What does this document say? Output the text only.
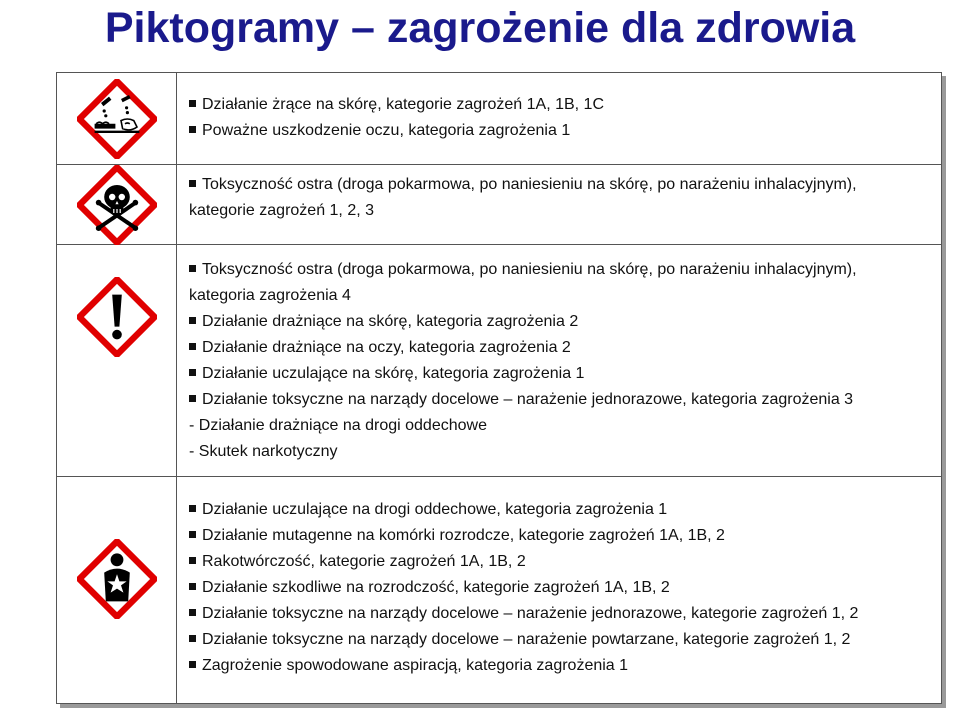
Piktogramy – zagrożenie dla zdrowia
Działanie żrące na skórę, kategorie zagrożeń 1A, 1B, 1C
Poważne uszkodzenie oczu, kategoria zagrożenia 1
Toksyczność ostra (droga pokarmowa, po naniesieniu na skórę, po narażeniu inhalacyjnym),
kategorie zagrożeń 1, 2, 3
Toksyczność ostra (droga pokarmowa, po naniesieniu na skórę, po narażeniu inhalacyjnym),
kategoria zagrożenia 4
Działanie drażniące na skórę, kategoria zagrożenia 2
Działanie drażniące na oczy, kategoria zagrożenia 2
Działanie uczulające na skórę, kategoria zagrożenia 1
Działanie toksyczne na narządy docelowe – narażenie jednorazowe, kategoria zagrożenia 3
- Działanie drażniące na drogi oddechowe
- Skutek narkotyczny
Działanie uczulające na drogi oddechowe, kategoria zagrożenia 1
Działanie mutagenne na komórki rozrodcze, kategorie zagrożeń 1A, 1B, 2
Rakotwórczość, kategorie zagrożeń 1A, 1B, 2
Działanie szkodliwe na rozrodczość, kategorie zagrożeń 1A, 1B, 2
Działanie toksyczne na narządy docelowe – narażenie jednorazowe, kategorie zagrożeń 1, 2
Działanie toksyczne na narządy docelowe – narażenie powtarzane, kategorie zagrożeń 1, 2
Zagrożenie spowodowane aspiracją, kategoria zagrożenia 1
